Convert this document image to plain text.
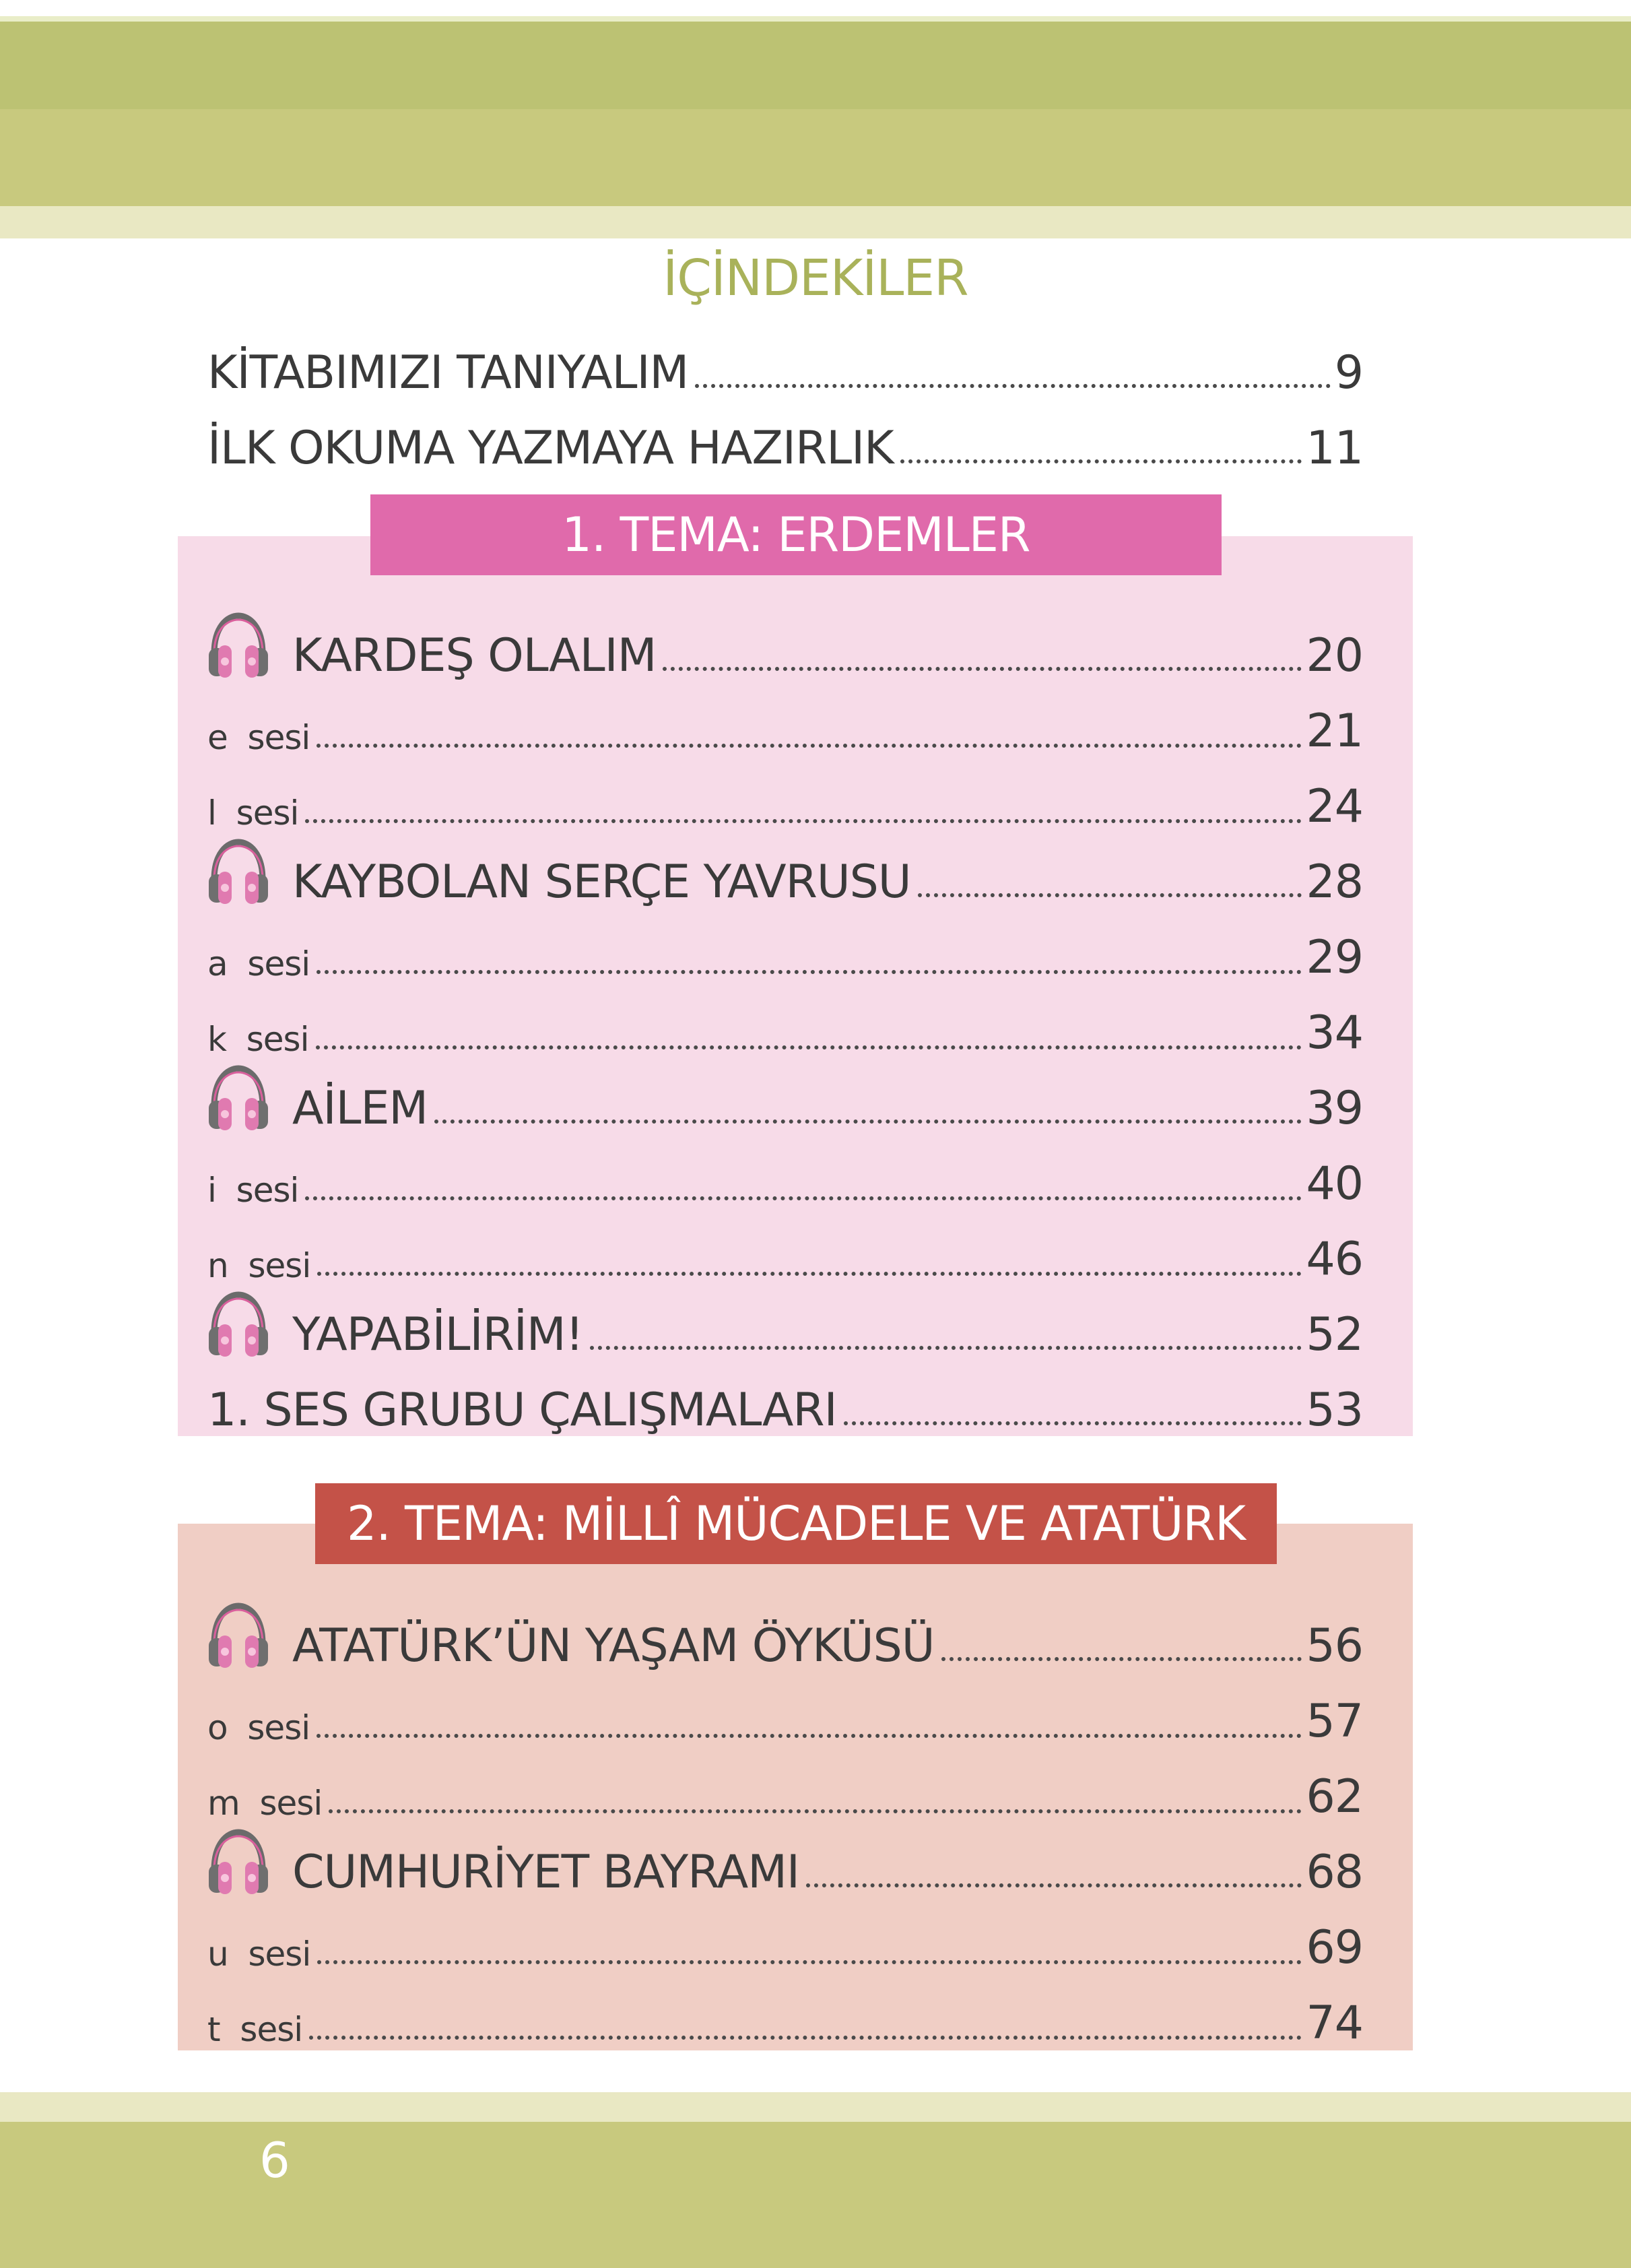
İÇİNDEKİLER
KİTABIMIZI TANIYALIM	9
İLK OKUMA YAZMAYA HAZIRLIK	11
1. TEMA: ERDEMLER
2. TEMA: MİLLÎ MÜCADELE VE ATATÜRK
KARDEŞ OLALIM	20
e  sesi	21
l  sesi	24
KAYBOLAN SERÇE YAVRUSU	28
a  sesi	29
k  sesi	34
AİLEM	39
i  sesi	40
n  sesi	46
YAPABİLİRİM!	52
1. SES GRUBU ÇALIŞMALARI	53
ATATÜRK’ÜN YAŞAM ÖYKÜSÜ	56
o  sesi	57
m  sesi	62
CUMHURİYET BAYRAMI	68
u  sesi	69
t  sesi	74
6
